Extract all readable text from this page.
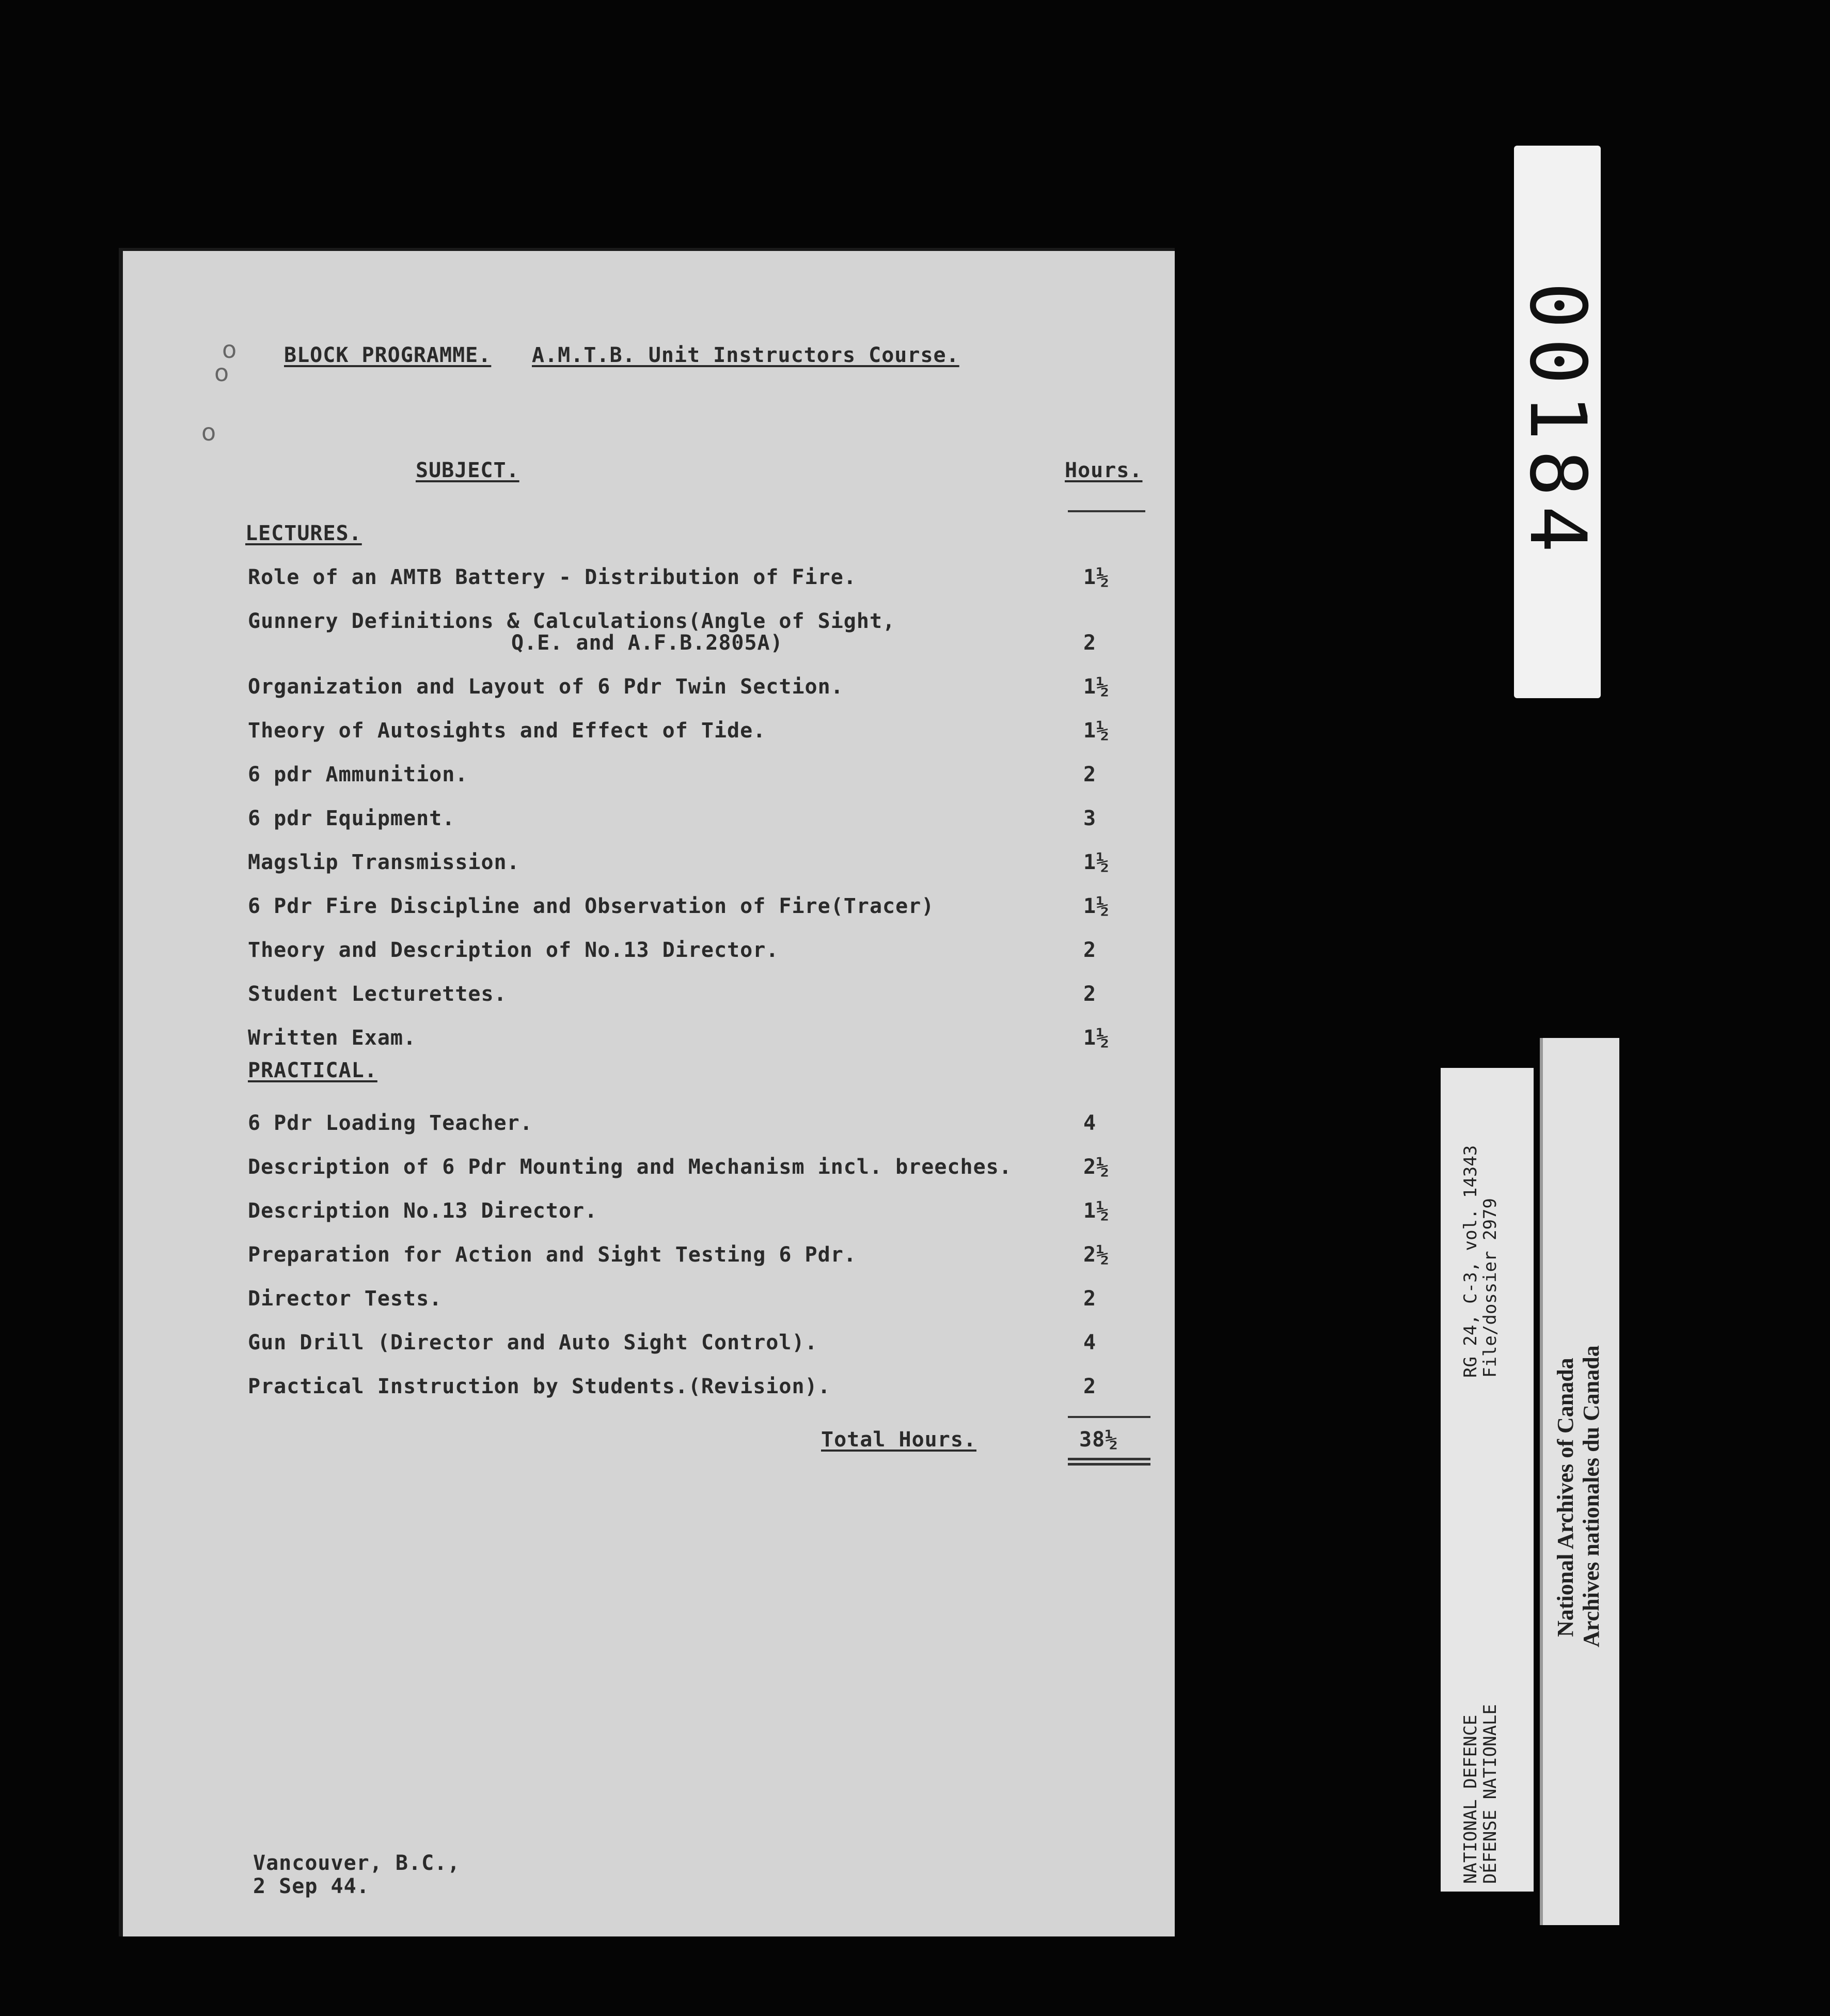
o
o
o
BLOCK PROGRAMME. A.M.T.B. Unit Instructors Course.
SUBJECT.	Hours.
LECTURES.
Role of an AMTB Battery - Distribution of Fire.	1½
Gunnery Definitions & Calculations(Angle of Sight,
Q.E. and A.F.B.2805A)	2
Organization and Layout of 6 Pdr Twin Section.	1½
Theory of Autosights and Effect of Tide.	1½
6 pdr Ammunition.	2
6 pdr Equipment.	3
Magslip Transmission.	1½
6 Pdr Fire Discipline and Observation of Fire(Tracer)	1½
Theory and Description of No.13 Director.	2
Student Lecturettes.	2
Written Exam.	1½
PRACTICAL.
6 Pdr Loading Teacher.	4
Description of 6 Pdr Mounting and Mechanism incl. breeches.	2½
Description No.13 Director.	1½
Preparation for Action and Sight Testing 6 Pdr.	2½
Director Tests.	2
Gun Drill (Director and Auto Sight Control).	4
Practical Instruction by Students.(Revision).	2
Total Hours.	38½
Vancouver, B.C.,
2 Sep 44.
00184
RG 24, C-3, vol. 14343
File/dossier 2979
NATIONAL DEFENCE
DÉFENSE NATIONALE
National Archives of Canada Archives nationales du Canada
